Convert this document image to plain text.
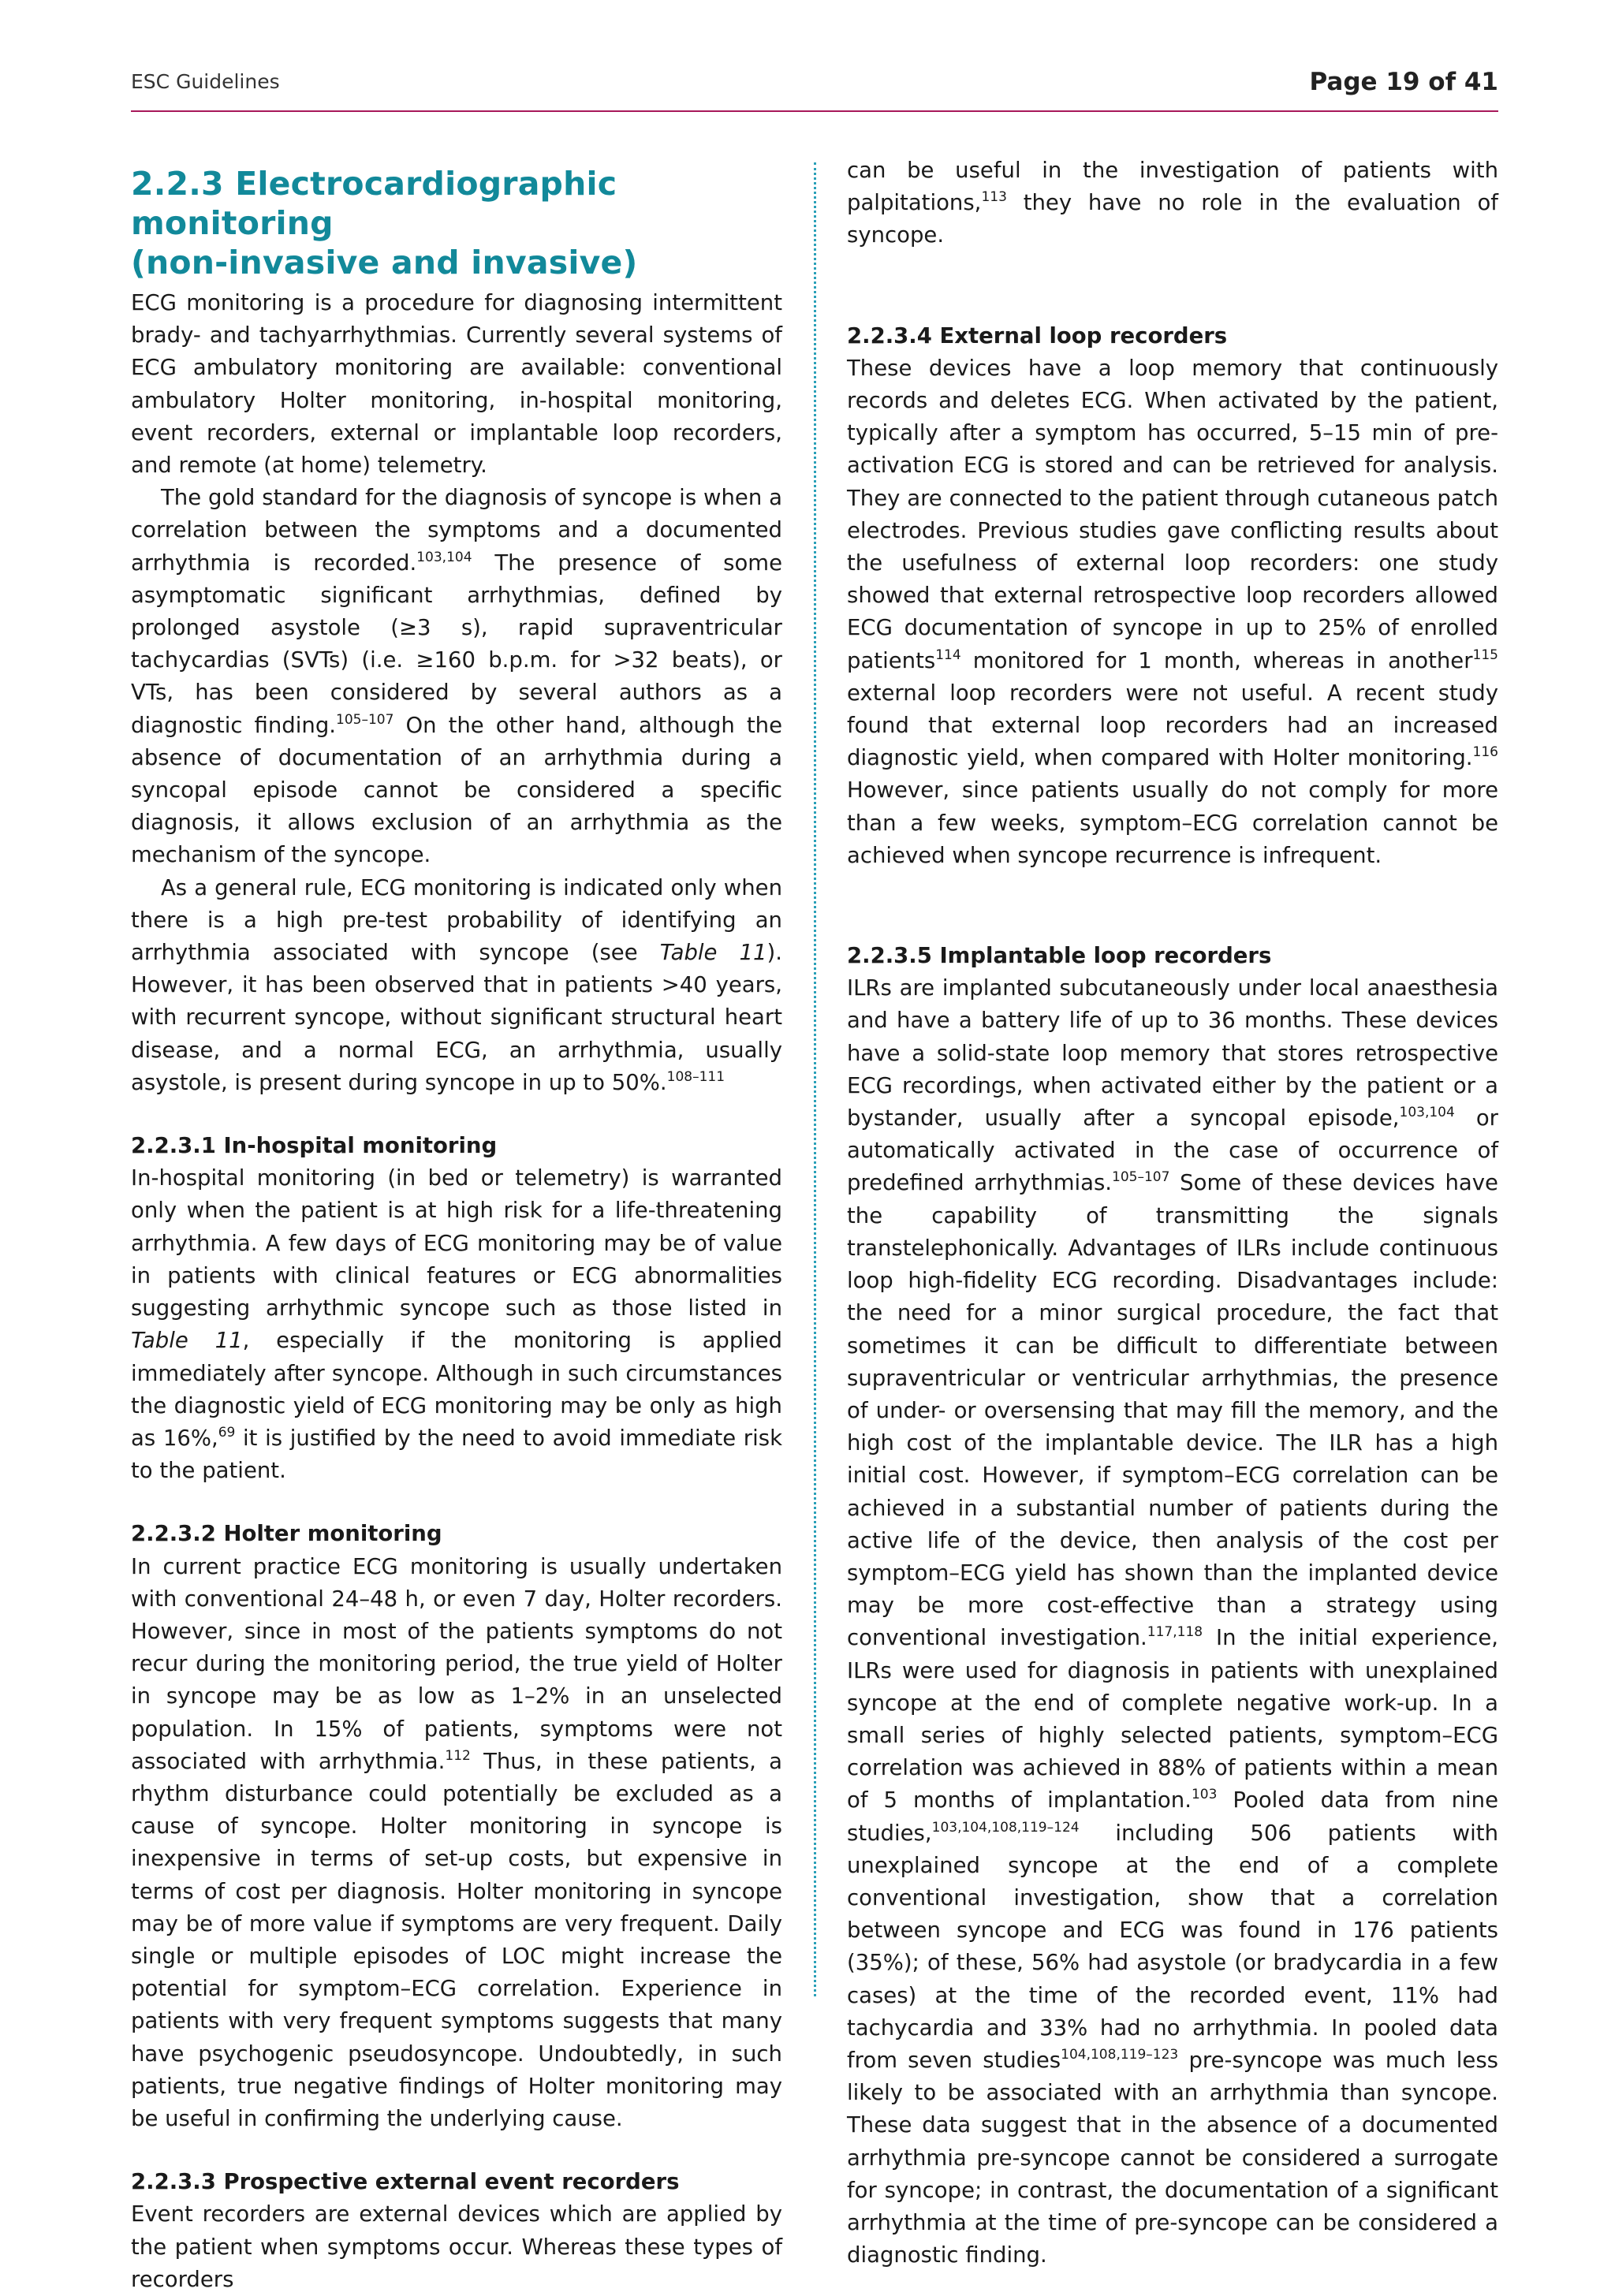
ESC Guidelines	Page 19 of 41
2.2.3 Electrocardiographic monitoring
(non-invasive and invasive)

ECG monitoring is a procedure for diagnosing intermittent brady- and tachyarrhythmias. Currently several systems of ECG ambulatory monitoring are available: conventional ambulatory Holter monitoring, in-hospital monitoring, event recorders, external or implantable loop recorders, and remote (at home) telemetry.

The gold standard for the diagnosis of syncope is when a correlation between the symptoms and a documented arrhythmia is recorded.$^{103,104}$ The presence of some asymptomatic significant arrhythmias, defined by prolonged asystole (≥3 s), rapid supraventricular tachycardias (SVTs) (i.e. ≥160 b.p.m. for >32 beats), or VTs, has been considered by several authors as a diagnostic finding.$^{105-107}$ On the other hand, although the absence of documentation of an arrhythmia during a syncopal episode cannot be considered a specific diagnosis, it allows exclusion of an arrhythmia as the mechanism of the syncope.

As a general rule, ECG monitoring is indicated only when there is a high pre-test probability of identifying an arrhythmia associated with syncope (see Table 11). However, it has been observed that in patients >40 years, with recurrent syncope, without significant structural heart disease, and a normal ECG, an arrhythmia, usually asystole, is present during syncope in up to 50%.$^{108-111}$

2.2.3.1 In-hospital monitoring

In-hospital monitoring (in bed or telemetry) is warranted only when the patient is at high risk for a life-threatening arrhythmia. A few days of ECG monitoring may be of value in patients with clinical features or ECG abnormalities suggesting arrhythmic syncope such as those listed in Table 11, especially if the monitoring is applied immediately after syncope. Although in such circumstances the diagnostic yield of ECG monitoring may be only as high as 16%,$^{69}$ it is justified by the need to avoid immediate risk to the patient.

2.2.3.2 Holter monitoring

In current practice ECG monitoring is usually undertaken with conventional 24–48 h, or even 7 day, Holter recorders. However, since in most of the patients symptoms do not recur during the monitoring period, the true yield of Holter in syncope may be as low as 1–2% in an unselected population. In 15% of patients, symptoms were not associated with arrhythmia.$^{112}$ Thus, in these patients, a rhythm disturbance could potentially be excluded as a cause of syncope. Holter monitoring in syncope is inexpensive in terms of set-up costs, but expensive in terms of cost per diagnosis. Holter monitoring in syncope may be of more value if symptoms are very frequent. Daily single or multiple episodes of LOC might increase the potential for symptom–ECG correlation. Experience in patients with very frequent symptoms suggests that many have psychogenic pseudosyncope. Undoubtedly, in such patients, true negative findings of Holter monitoring may be useful in confirming the underlying cause.

2.2.3.3 Prospective external event recorders

Event recorders are external devices which are applied by the patient when symptoms occur. Whereas these types of recorders

can be useful in the investigation of patients with palpitations,$^{113}$ they have no role in the evaluation of syncope.

2.2.3.4 External loop recorders

These devices have a loop memory that continuously records and deletes ECG. When activated by the patient, typically after a symptom has occurred, 5–15 min of pre-activation ECG is stored and can be retrieved for analysis. They are connected to the patient through cutaneous patch electrodes. Previous studies gave conflicting results about the usefulness of external loop recorders: one study showed that external retrospective loop recorders allowed ECG documentation of syncope in up to 25% of enrolled patients$^{114}$ monitored for 1 month, whereas in another$^{115}$ external loop recorders were not useful. A recent study found that external loop recorders had an increased diagnostic yield, when compared with Holter monitoring.$^{116}$ However, since patients usually do not comply for more than a few weeks, symptom–ECG correlation cannot be achieved when syncope recurrence is infrequent.

2.2.3.5 Implantable loop recorders

ILRs are implanted subcutaneously under local anaesthesia and have a battery life of up to 36 months. These devices have a solid-state loop memory that stores retrospective ECG recordings, when activated either by the patient or a bystander, usually after a syncopal episode,$^{103,104}$ or automatically activated in the case of occurrence of predefined arrhythmias.$^{105-107}$ Some of these devices have the capability of transmitting the signals transtelephonically. Advantages of ILRs include continuous loop high-fidelity ECG recording. Disadvantages include: the need for a minor surgical procedure, the fact that sometimes it can be difficult to differentiate between supraventricular or ventricular arrhythmias, the presence of under- or oversensing that may fill the memory, and the high cost of the implantable device. The ILR has a high initial cost. However, if symptom–ECG correlation can be achieved in a substantial number of patients during the active life of the device, then analysis of the cost per symptom–ECG yield has shown than the implanted device may be more cost-effective than a strategy using conventional investigation.$^{117,118}$ In the initial experience, ILRs were used for diagnosis in patients with unexplained syncope at the end of complete negative work-up. In a small series of highly selected patients, symptom–ECG correlation was achieved in 88% of patients within a mean of 5 months of implantation.$^{103}$ Pooled data from nine studies,$^{103,104,108,119-124}$ including 506 patients with unexplained syncope at the end of a complete conventional investigation, show that a correlation between syncope and ECG was found in 176 patients (35%); of these, 56% had asystole (or bradycardia in a few cases) at the time of the recorded event, 11% had tachycardia and 33% had no arrhythmia. In pooled data from seven studies$^{104,108,119-123}$ pre-syncope was much less likely to be associated with an arrhythmia than syncope. These data suggest that in the absence of a documented arrhythmia pre-syncope cannot be considered a surrogate for syncope; in contrast, the documentation of a significant arrhythmia at the time of pre-syncope can be considered a diagnostic finding.
